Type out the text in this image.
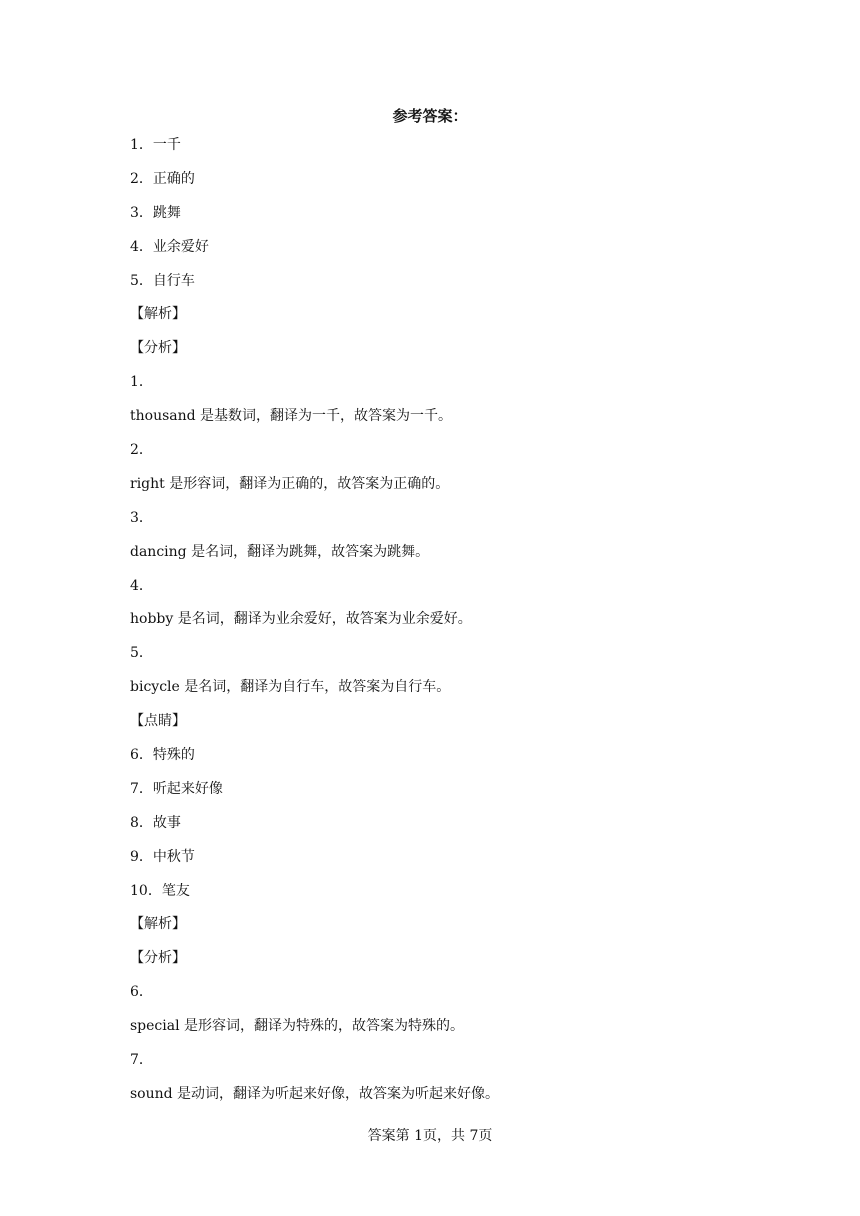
参考答案：
1．一千
2．正确的
3．跳舞
4．业余爱好
5．自行车
【解析】
【分析】
1．
thousand 是基数词，翻译为一千，故答案为一千。
2．
right 是形容词，翻译为正确的，故答案为正确的。
3．
dancing 是名词，翻译为跳舞，故答案为跳舞。
4．
hobby 是名词，翻译为业余爱好，故答案为业余爱好。
5．
bicycle 是名词，翻译为自行车，故答案为自行车。
【点睛】
6．特殊的
7．听起来好像
8．故事
9．中秋节
10．笔友
【解析】
【分析】
6．
special 是形容词，翻译为特殊的，故答案为特殊的。
7．
sound 是动词，翻译为听起来好像，故答案为听起来好像。
答案第 1页，共 7页
